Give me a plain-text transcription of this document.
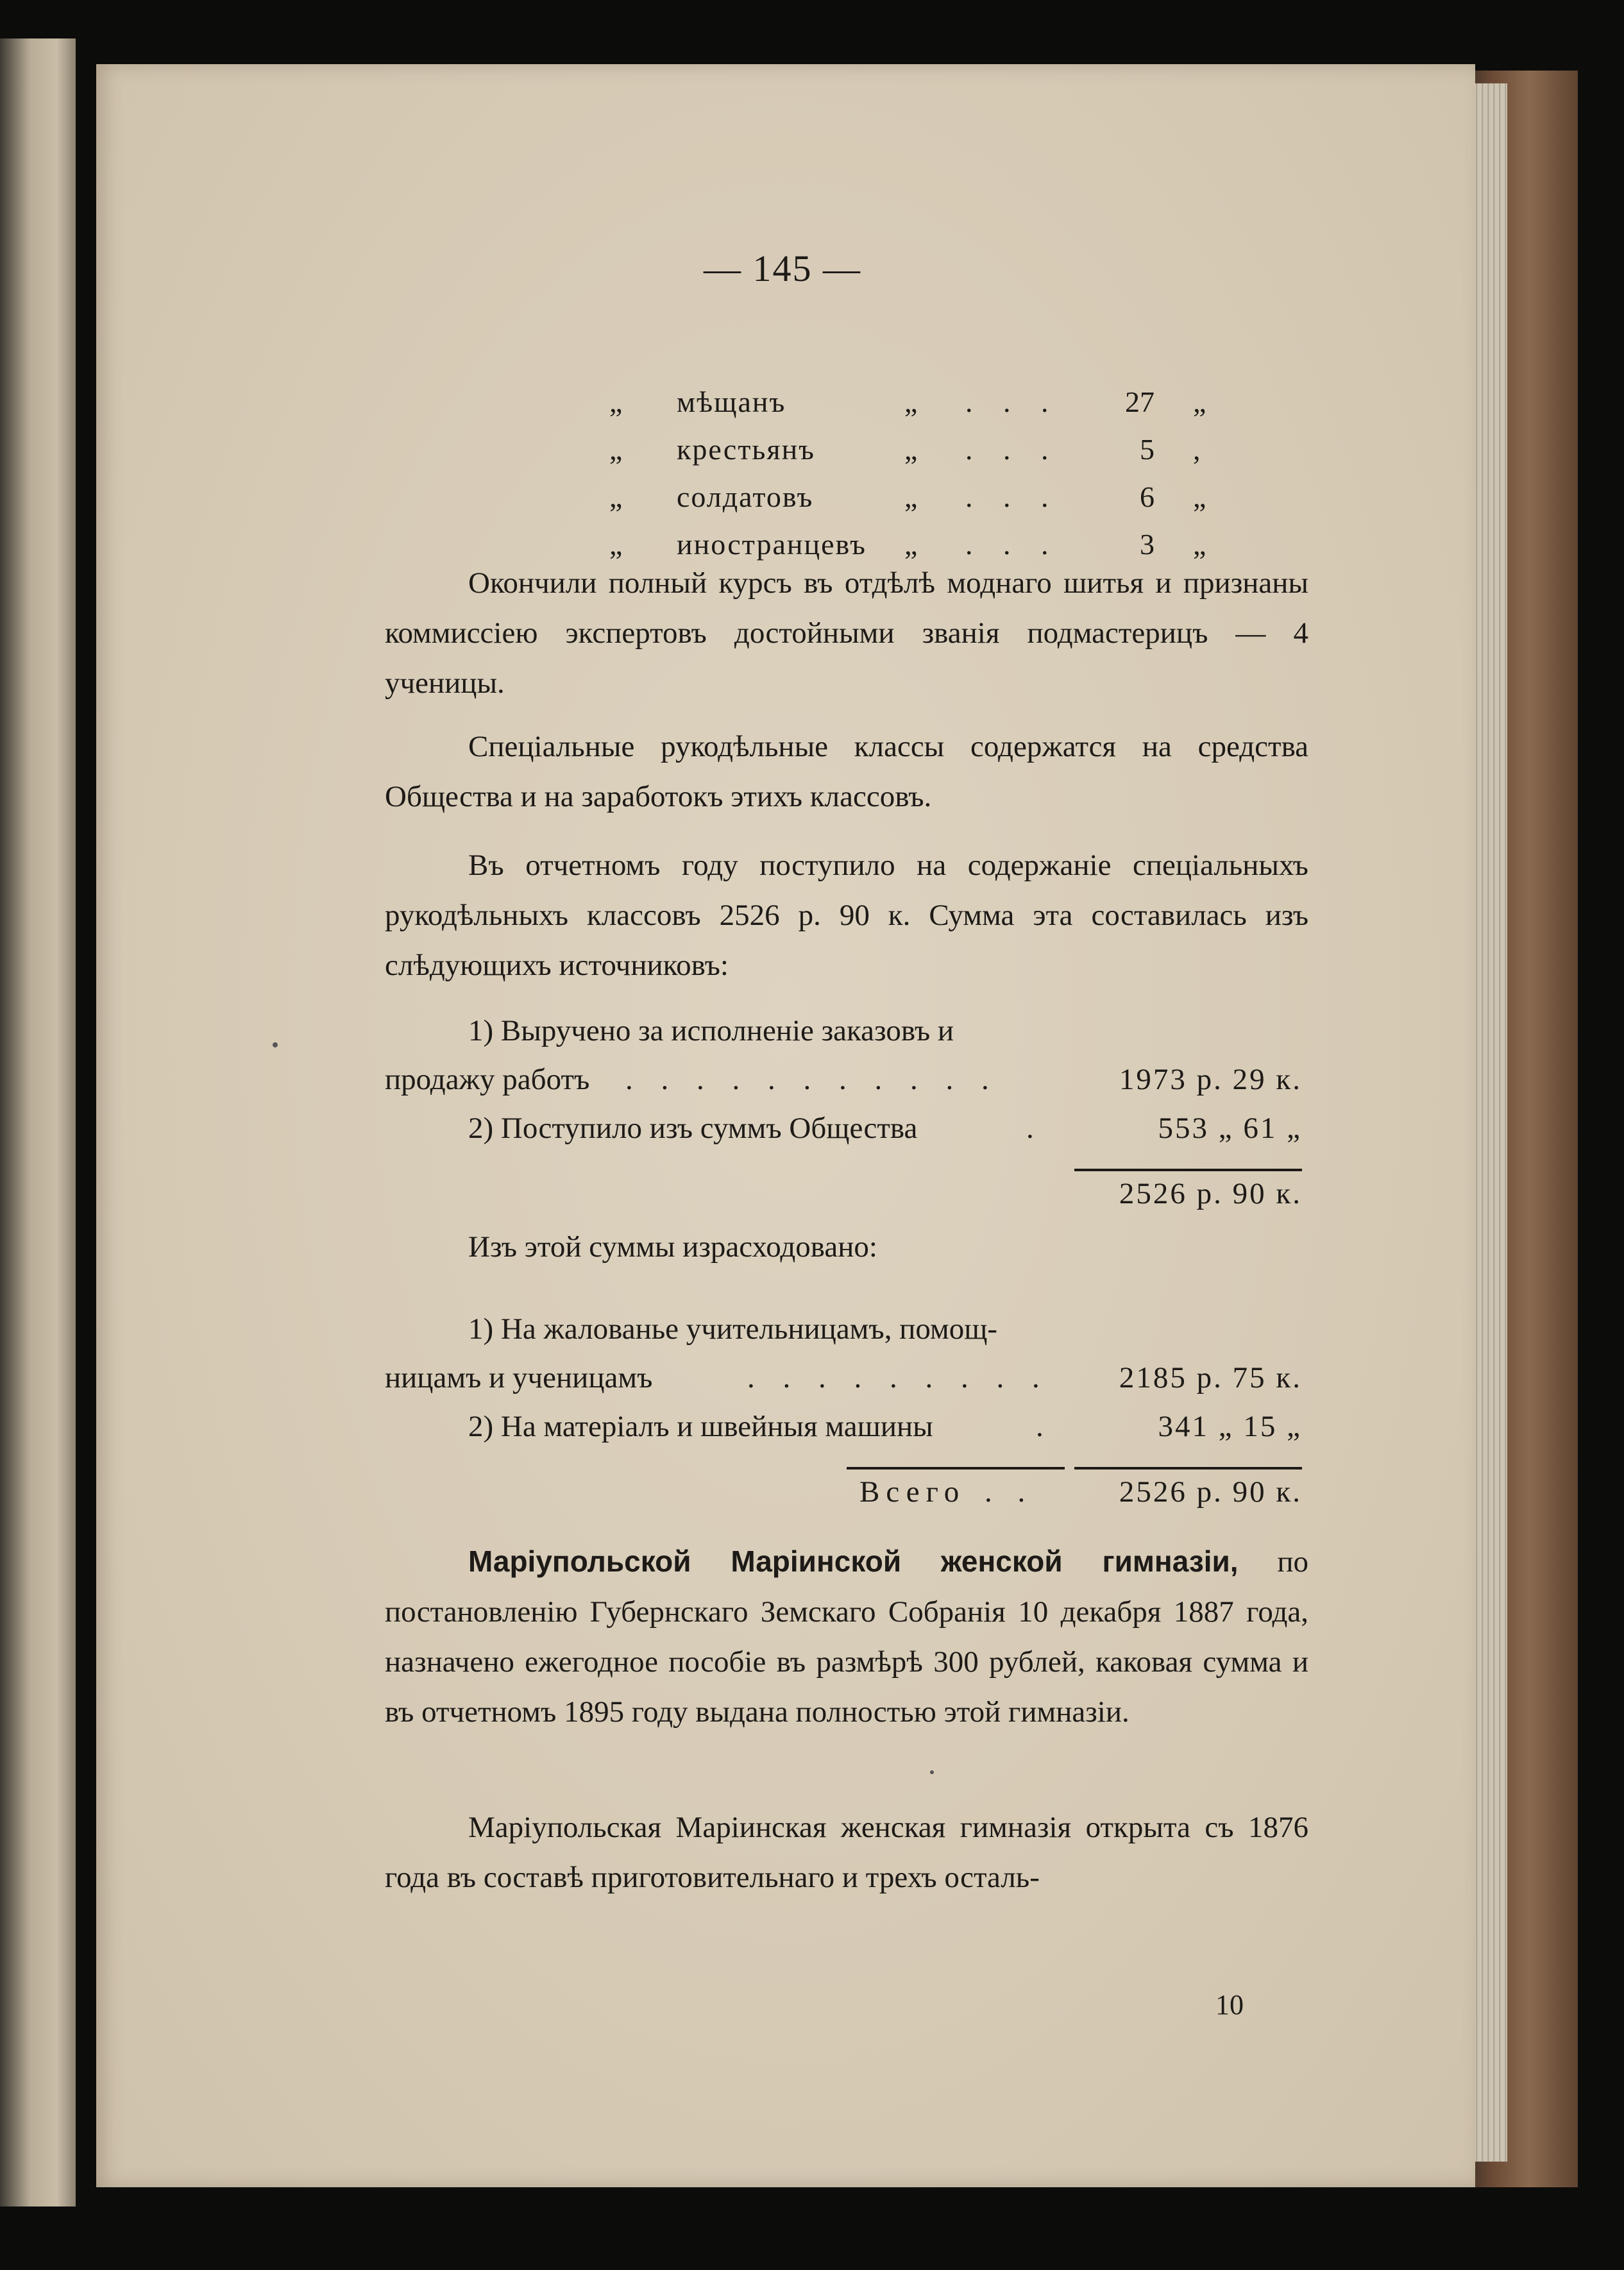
— 145 —
„ мѣщанъ	„ . . .	27 „
„ крестьянъ	„ . . .	5 ,
„ солдатовъ	„ . . .	6 „
„ иностранцевъ „ . . .	3 „

Окончили полный курсъ въ отдѣлѣ моднаго шитья и признаны коммиссiею экспертовъ достойными званiя подмастерицъ — 4 ученицы.

Спецiальные рукодѣльные классы содержатся на средства Общества и на заработокъ этихъ классовъ.

Въ отчетномъ году поступило на содержанiе спецiальныхъ рукодѣльныхъ классовъ 2526 р. 90 к. Сумма эта составилась изъ слѣдующихъ источниковъ:

1) Выручено за исполненiе заказовъ и
продажу работъ . . . . . . . . . . .	1973 р. 29 к.
2) Поступило изъ суммъ Общества	.	553 „ 61 „
2526 р. 90 к.

Изъ этой суммы израсходовано:

1) На жалованье учительницамъ, помощ-
ницамъ и ученицамъ	. . . . . . . . .	2185 р. 75 к.
2) На матерiалъ и швейныя машины	.	341 „ 15 „
Всего . .	2526 р. 90 к.

Марiупольской Марiинской женской гимназiи, по постановленiю Губернскаго Земскаго Собранiя 10 декабря 1887 года, назначено ежегодное пособiе въ размѣрѣ 300 рублей, каковая сумма и въ отчетномъ 1895 году выдана полностью этой гимназiи.

Марiупольская Марiинская женская гимназiя открыта съ 1876 года въ составѣ приготовительнаго и трехъ осталь-

10
